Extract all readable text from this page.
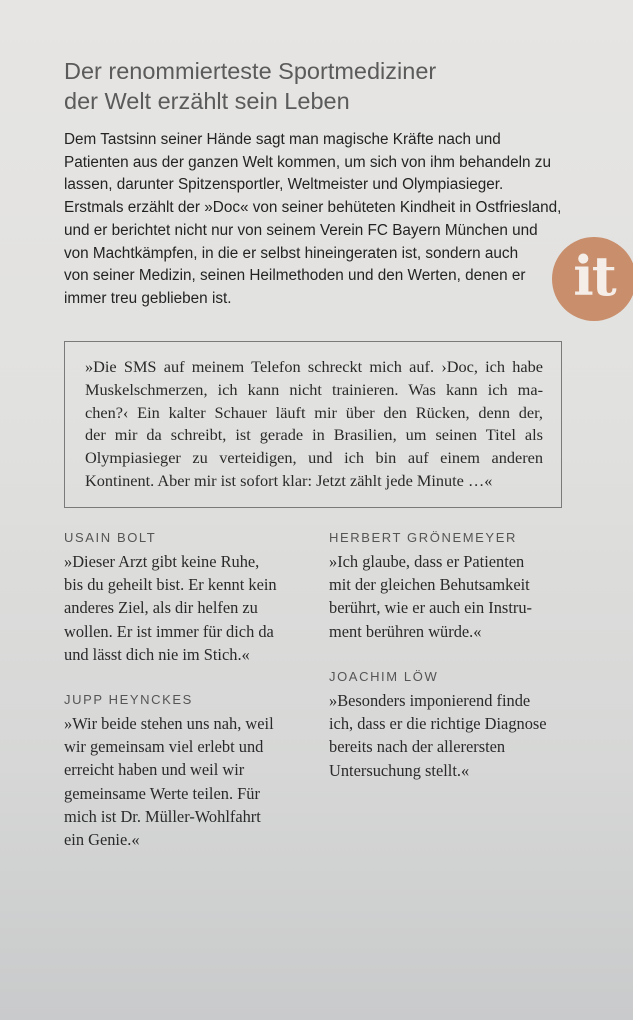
Der renommierteste Sportmediziner
der Welt erzählt sein Leben
Dem Tastsinn seiner Hände sagt man magische Kräfte nach und
Patienten aus der ganzen Welt kommen, um sich von ihm behandeln zu
lassen, darunter Spitzensportler, Weltmeister und Olympiasieger.
Erstmals erzählt der »Doc« von seiner behüteten Kindheit in Ostfriesland,
und er berichtet nicht nur von seinem Verein FC Bayern München und
von Machtkämpfen, in die er selbst hineingeraten ist, sondern auch
von seiner Medizin, seinen Heilmethoden und den Werten, denen er
immer treu geblieben ist.	it
»Die SMS auf meinem Telefon schreckt mich auf. ›Doc, ich habe
Muskelschmerzen, ich kann nicht trainieren. Was kann ich ma-
chen?‹ Ein kalter Schauer läuft mir über den Rücken, denn der,
der mir da schreibt, ist gerade in Brasilien, um seinen Titel als
Olympiasieger zu verteidigen, und ich bin auf einem anderen
Kontinent. Aber mir ist sofort klar: Jetzt zählt jede Minute …«
USAIN BOLT
»Dieser Arzt gibt keine Ruhe,
bis du geheilt bist. Er kennt kein
anderes Ziel, als dir helfen zu
wollen. Er ist immer für dich da
und lässt dich nie im Stich.«
JUPP HEYNCKES
»Wir beide stehen uns nah, weil
wir gemeinsam viel erlebt und
erreicht haben und weil wir
gemeinsame Werte teilen. Für
mich ist Dr. Müller-Wohlfahrt
ein Genie.«
HERBERT GRÖNEMEYER
»Ich glaube, dass er Patienten
mit der gleichen Behutsamkeit
berührt, wie er auch ein Instru-
ment berühren würde.«
JOACHIM LÖW
»Besonders imponierend finde
ich, dass er die richtige Diagnose
bereits nach der allerersten
Untersuchung stellt.«
